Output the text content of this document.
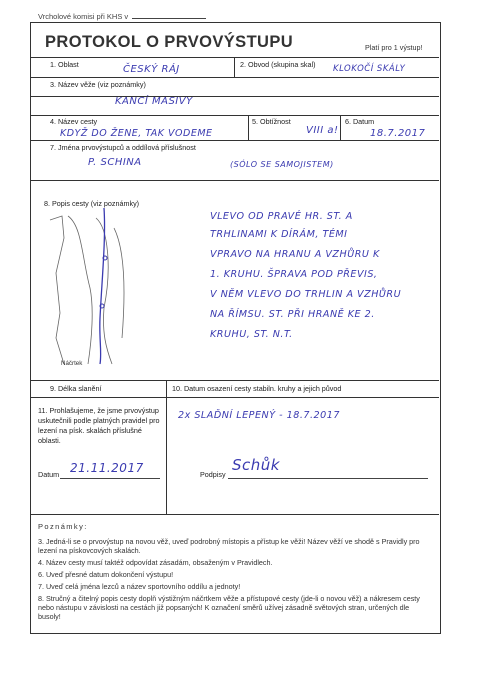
Vrcholové komisi při KHS v
PROTOKOL O PRVOVÝSTUPU	Platí pro 1 výstup!
1. Oblast	ČESKÝ RÁJ	2. Obvod (skupina skal) KLOKOČÍ SKÁLY
3. Název věže (viz poznámky)
KANCÍ MASIVY
4. Název cesty
KDYŽ DO ŽENE, TAK VODEME
5. Obtížnost
VIII a!
6. Datum
18.7.2017
7. Jména prvovýstupců a oddílová příslušnost
P. SCHINA	(SÓLO SE SAMOJISTEM)
8. Popis cesty (viz poznámky)
Náčrtek
VLEVO OD PRAVÉ HR. ST. A
TRHLINAMI K DÍRÁM, TÉMI
VPRAVO NA HRANU A VZHŮRU K
1. KRUHU. ŠPRAVA POD PŘEVIS,
V NĚM VLEVO DO TRHLIN A VZHŮRU
NA ŘÍMSU. ST. PŘI HRANĚ KE 2.
KRUHU, ST. N.T.
9. Délka slanění	10. Datum osazení cesty stabiln. kruhy a jejich původ
2x SLAĎNÍ LEPENÝ - 18.7.2017
11. Prohlašujeme, že jsme prvovýstup uskutečnili podle platných pravidel pro lezení na písk. skalách příslušné oblasti.
Datum 21.11.2017	Podpisy
Schůk
Poznámky:
3. Jedná-li se o prvovýstup na novou věž, uveď podrobný místopis a přístup ke věži! Název věží ve shodě s Pravidly pro lezení na pískovcových skalách.
4. Název cesty musí taktéž odpovídat zásadám, obsaženým v Pravidlech.
6. Uveď přesné datum dokončení výstupu!
7. Uveď celá jména lezců a název sportovního oddílu a jednoty!
8. Stručný a čitelný popis cesty doplň výstižným náčrtkem věže a přístupové cesty (jde-li o novou věž) a nákresem cesty nebo nástupu v závislosti na cestách již popsaných! K označení směrů užívej zásadně světových stran, určených dle busoly!
